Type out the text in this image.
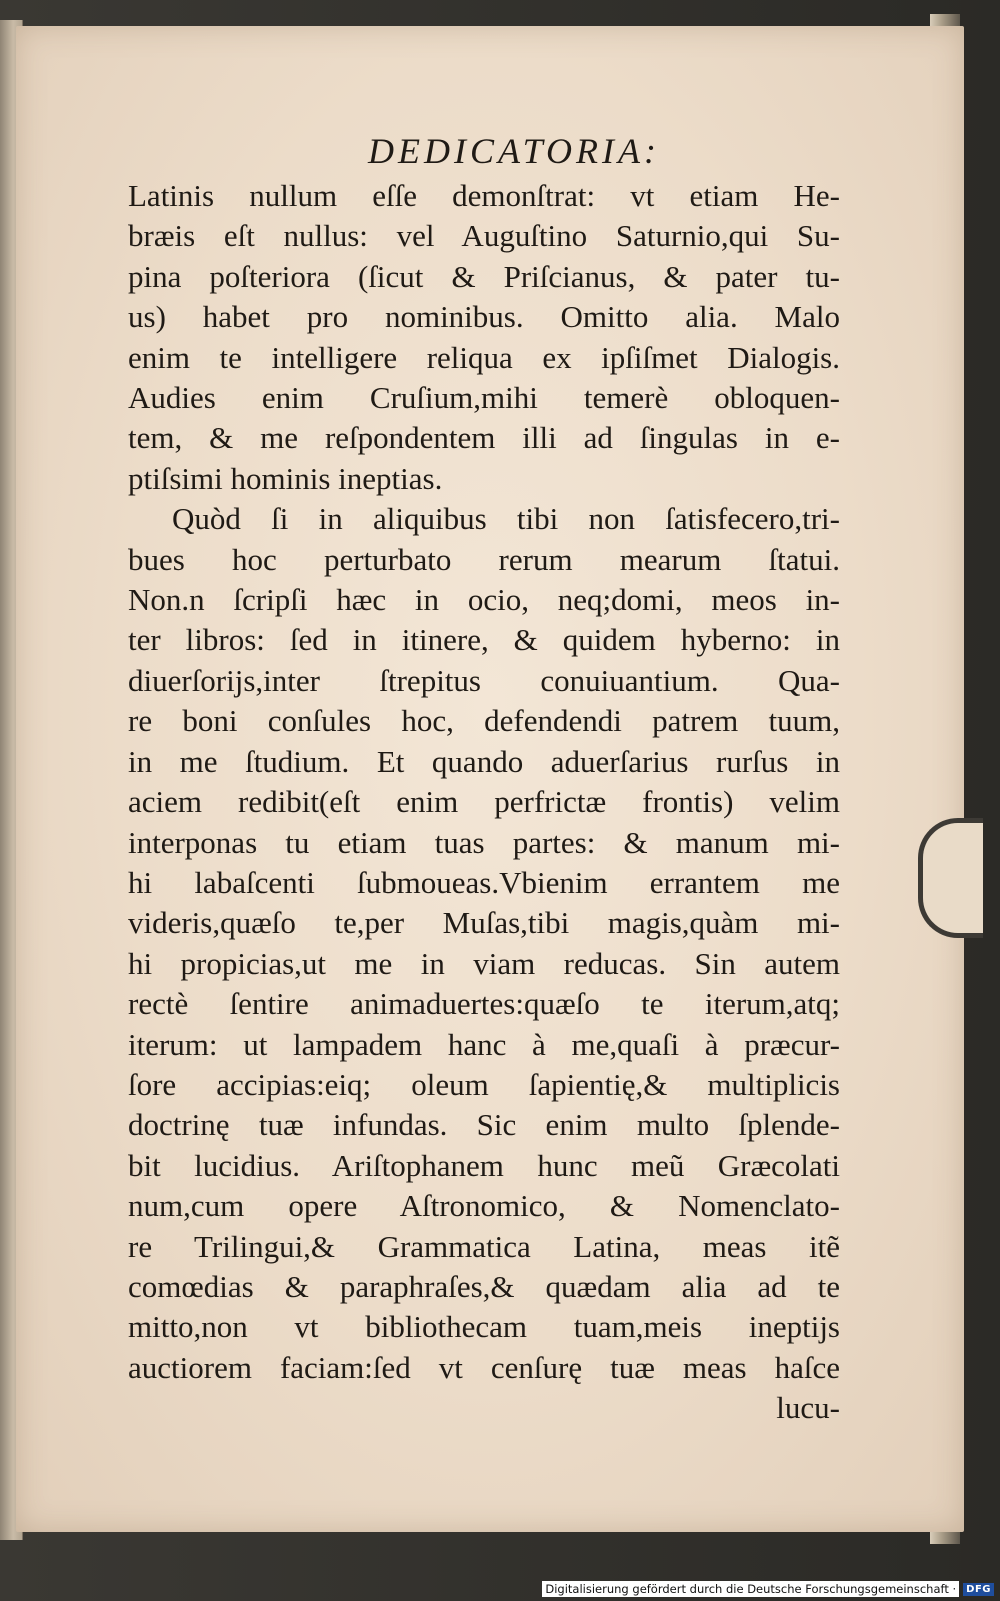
DEDICATORIA:
Latinis nullum eſſe demonſtrat: vt etiam He-
bræis eſt nullus: vel Auguſtino Saturnio,qui Su-
pina poſteriora (ſicut & Priſcianus, & pater tu-
us) habet pro nominibus. Omitto alia. Malo
enim te intelligere reliqua ex ipſiſmet Dialogis.
Audies enim Cruſium,mihi temerè obloquen-
tem, & me reſpondentem illi ad ſingulas in e-
ptiſsimi hominis ineptias.
Quòd ſi in aliquibus tibi non ſatisfecero,tri-
bues hoc perturbato rerum mearum ſtatui.
Non.n ſcripſi hæc in ocio, neq;domi, meos in-
ter libros: ſed in itinere, & quidem hyberno: in
diuerſorijs,inter ſtrepitus conuiuantium. Qua-
re boni conſules hoc, defendendi patrem tuum,
in me ſtudium. Et quando aduerſarius rurſus in
aciem redibit(eſt enim perfrictæ frontis) velim
interponas tu etiam tuas partes: & manum mi-
hi labaſcenti ſubmoueas.Vbienim errantem me
videris,quæſo te,per Muſas,tibi magis,quàm mi-
hi propicias,ut me in viam reducas. Sin autem
rectè ſentire animaduertes:quæſo te iterum,atq;
iterum: ut lampadem hanc à me,quaſi à præcur-
ſore accipias:eiq; oleum ſapientię,& multiplicis
doctrinę tuæ infundas. Sic enim multo ſplende-
bit lucidius. Ariſtophanem hunc meũ Græcolati
num,cum opere Aſtronomico, & Nomenclato-
re Trilingui,& Grammatica Latina, meas itẽ
comœdias & paraphraſes,& quædam alia ad te
mitto,non vt bibliothecam tuam,meis ineptijs
auctiorem faciam:ſed vt cenſurę tuæ meas haſce
lucu-
Digitalisierung gefördert durch die Deutsche Forschungsgemeinschaft ·	DFG
